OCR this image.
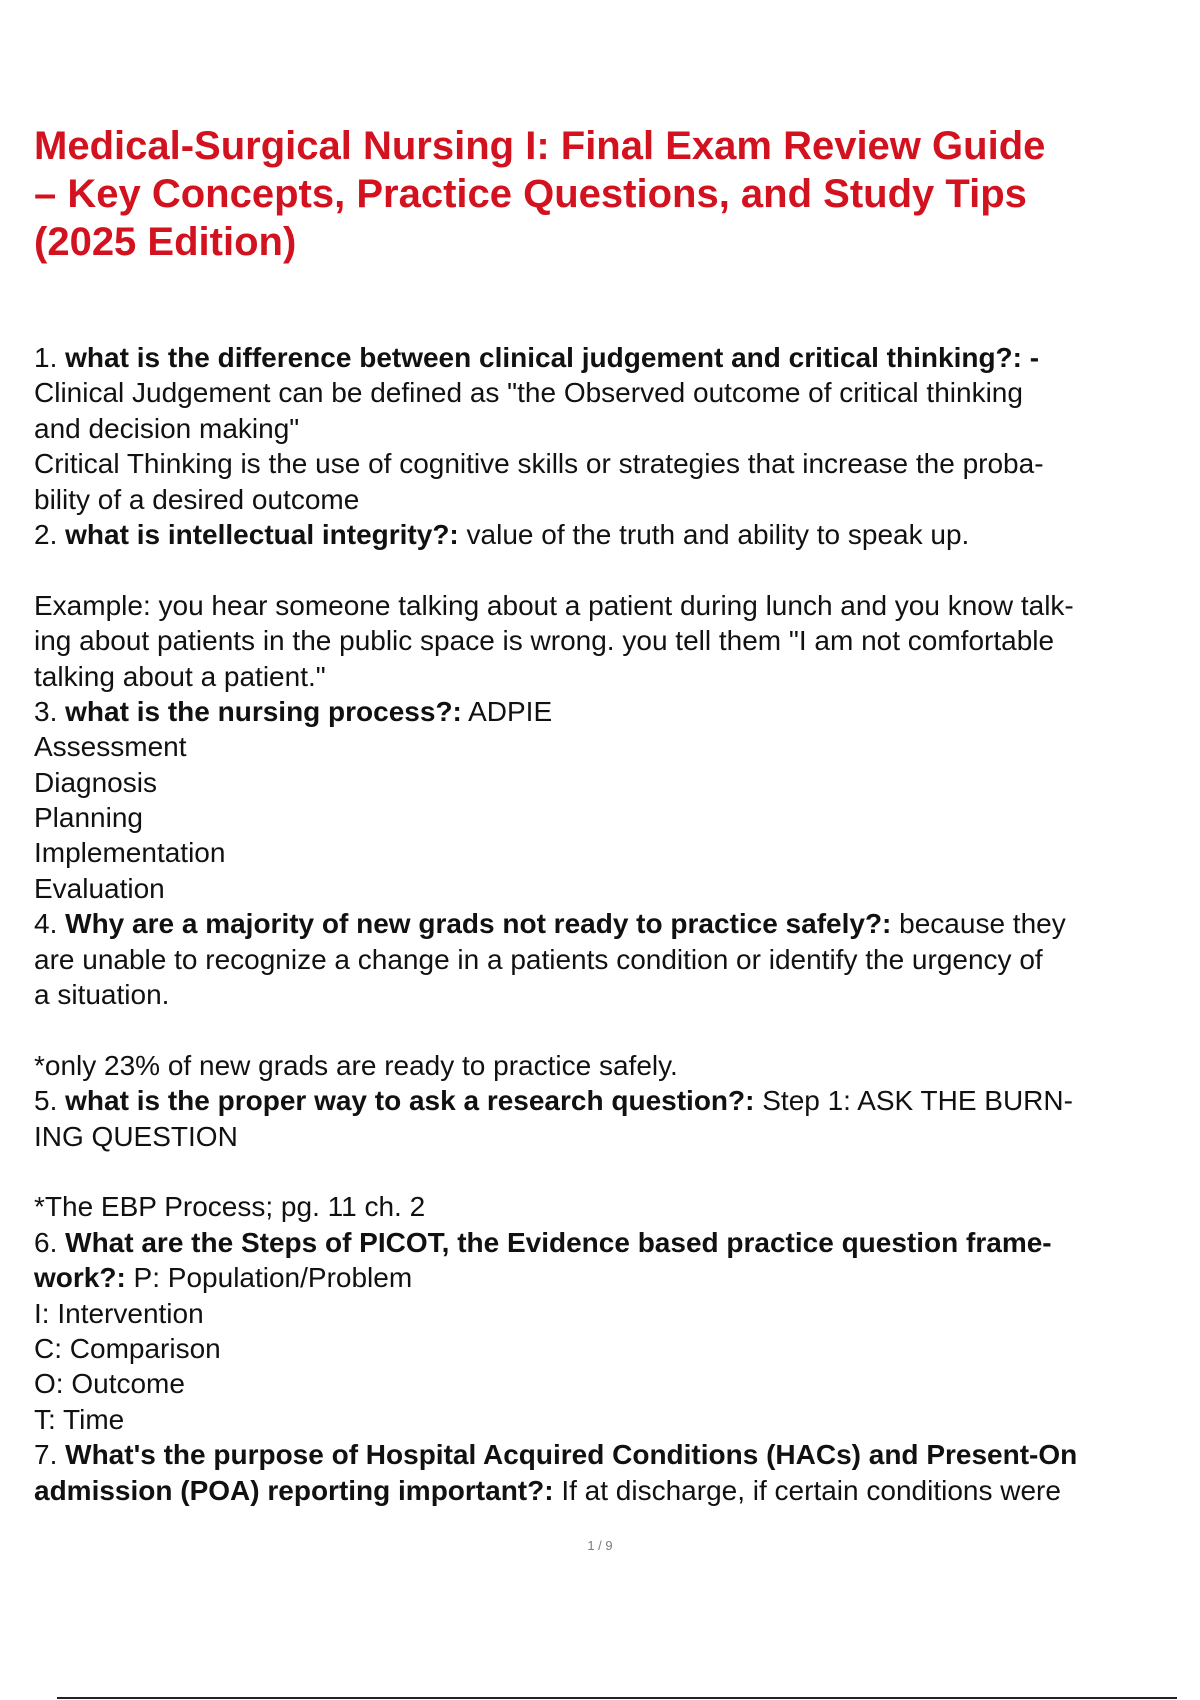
Medical-Surgical Nursing I: Final Exam Review Guide
– Key Concepts, Practice Questions, and Study Tips
(2025 Edition)
1. what is the difference between clinical judgement and critical thinking?: -
Clinical Judgement can be defined as "the Observed outcome of critical thinking
and decision making"
Critical Thinking is the use of cognitive skills or strategies that increase the proba-
bility of a desired outcome
2. what is intellectual integrity?: value of the truth and ability to speak up.
Example: you hear someone talking about a patient during lunch and you know talk-
ing about patients in the public space is wrong. you tell them "I am not comfortable
talking about a patient."
3. what is the nursing process?: ADPIE
Assessment
Diagnosis
Planning
Implementation
Evaluation
4. Why are a majority of new grads not ready to practice safely?: because they
are unable to recognize a change in a patients condition or identify the urgency of
a situation.
*only 23% of new grads are ready to practice safely.
5. what is the proper way to ask a research question?: Step 1: ASK THE BURN-
ING QUESTION
*The EBP Process; pg. 11 ch. 2
6. What are the Steps of PICOT, the Evidence based practice question frame-
work?: P: Population/Problem
I: Intervention
C: Comparison
O: Outcome
T: Time
7. What's the purpose of Hospital Acquired Conditions (HACs) and Present-On
admission (POA) reporting important?: If at discharge, if certain conditions were
1 / 9
